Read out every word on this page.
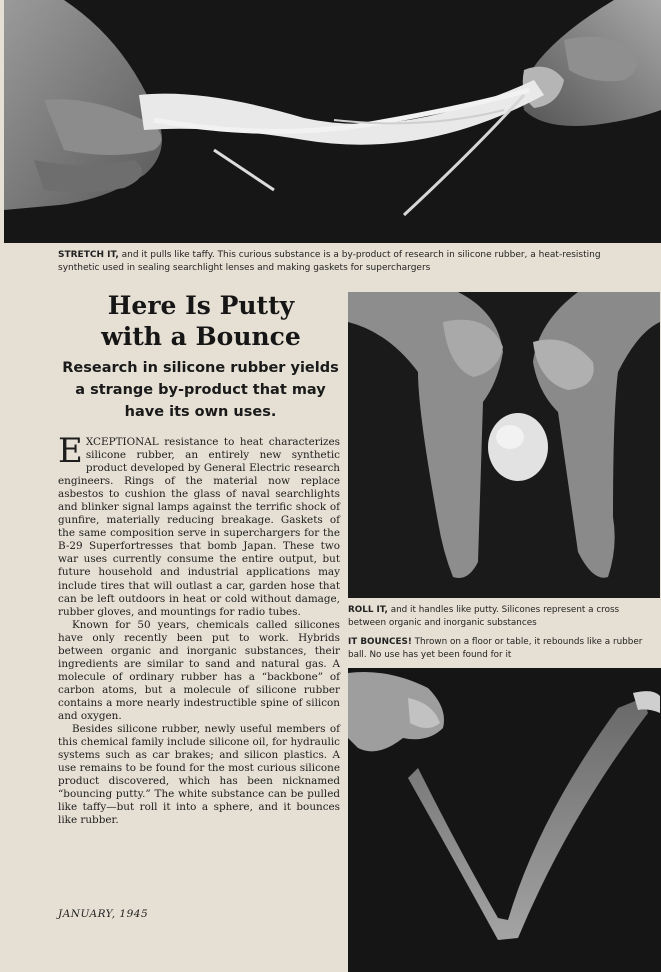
STRETCH IT, and it pulls like taffy. This curious substance is a by-product of research in silicone rubber, a heat-resisting synthetic used in sealing searchlight lenses and making gaskets for superchargers
Here Is Putty
with a Bounce
Research in silicone rubber yields a strange by-product that may have its own uses.

EXCEPTIONAL resistance to heat characterizes silicone rubber, an entirely new synthetic product developed by General Electric research engineers. Rings of the material now replace asbestos to cushion the glass of naval searchlights and blinker signal lamps against the terrific shock of gunfire, materially reducing breakage. Gaskets of the same composition serve in superchargers for the B-29 Superfortresses that bomb Japan. These two war uses currently consume the entire output, but future household and industrial applications may include tires that will outlast a car, garden hose that can be left outdoors in heat or cold without damage, rubber gloves, and mountings for radio tubes.

Known for 50 years, chemicals called silicones have only recently been put to work. Hybrids between organic and inorganic substances, their ingredients are similar to sand and natural gas. A molecule of ordinary rubber has a “backbone” of carbon atoms, but a molecule of silicone rubber contains a more nearly indestructible spine of silicon and oxygen.

Besides silicone rubber, newly useful members of this chemical family include silicone oil, for hydraulic systems such as car brakes; and silicon plastics. A use remains to be found for the most curious silicone product discovered, which has been nicknamed “bouncing putty.” The white substance can be pulled like taffy—but roll it into a sphere, and it bounces like rubber.

JANUARY, 1945
ROLL IT, and it handles like putty. Silicones represent a cross between organic and inorganic substances
IT BOUNCES! Thrown on a floor or table, it rebounds like a rubber ball. No use has yet been found for it
